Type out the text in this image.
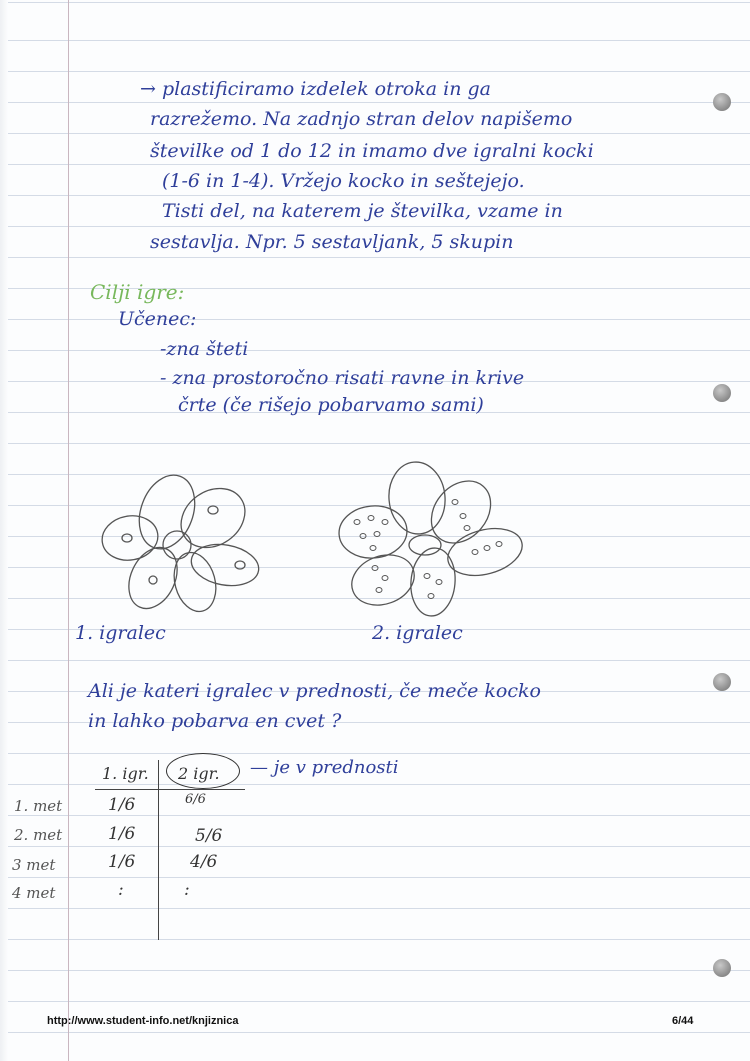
→ plastificiramo izdelek otroka in ga
razrežemo. Na zadnjo stran delov napišemo
številke od 1 do 12 in imamo dve igralni kocki
(1-6 in 1-4). Vržejo kocko in seštejejo.
Tisti del, na katerem je številka, vzame in
sestavlja. Npr. 5 sestavljank, 5 skupin
Cilji igre:
Učenec:
-zna šteti
- zna prostoročno risati ravne in krive
črte (če rišejo pobarvamo sami)
1. igralec	2. igralec
Ali je kateri igralec v prednosti, če meče kocko
in lahko pobarva en cvet ?
1. igr. 2 igr. — je v prednosti
1. met	1/6	6/6
2. met	1/6	5/6
3 met	1/6	4/6
4 met	:	:
http://www.student-info.net/knjiznica	6/44
